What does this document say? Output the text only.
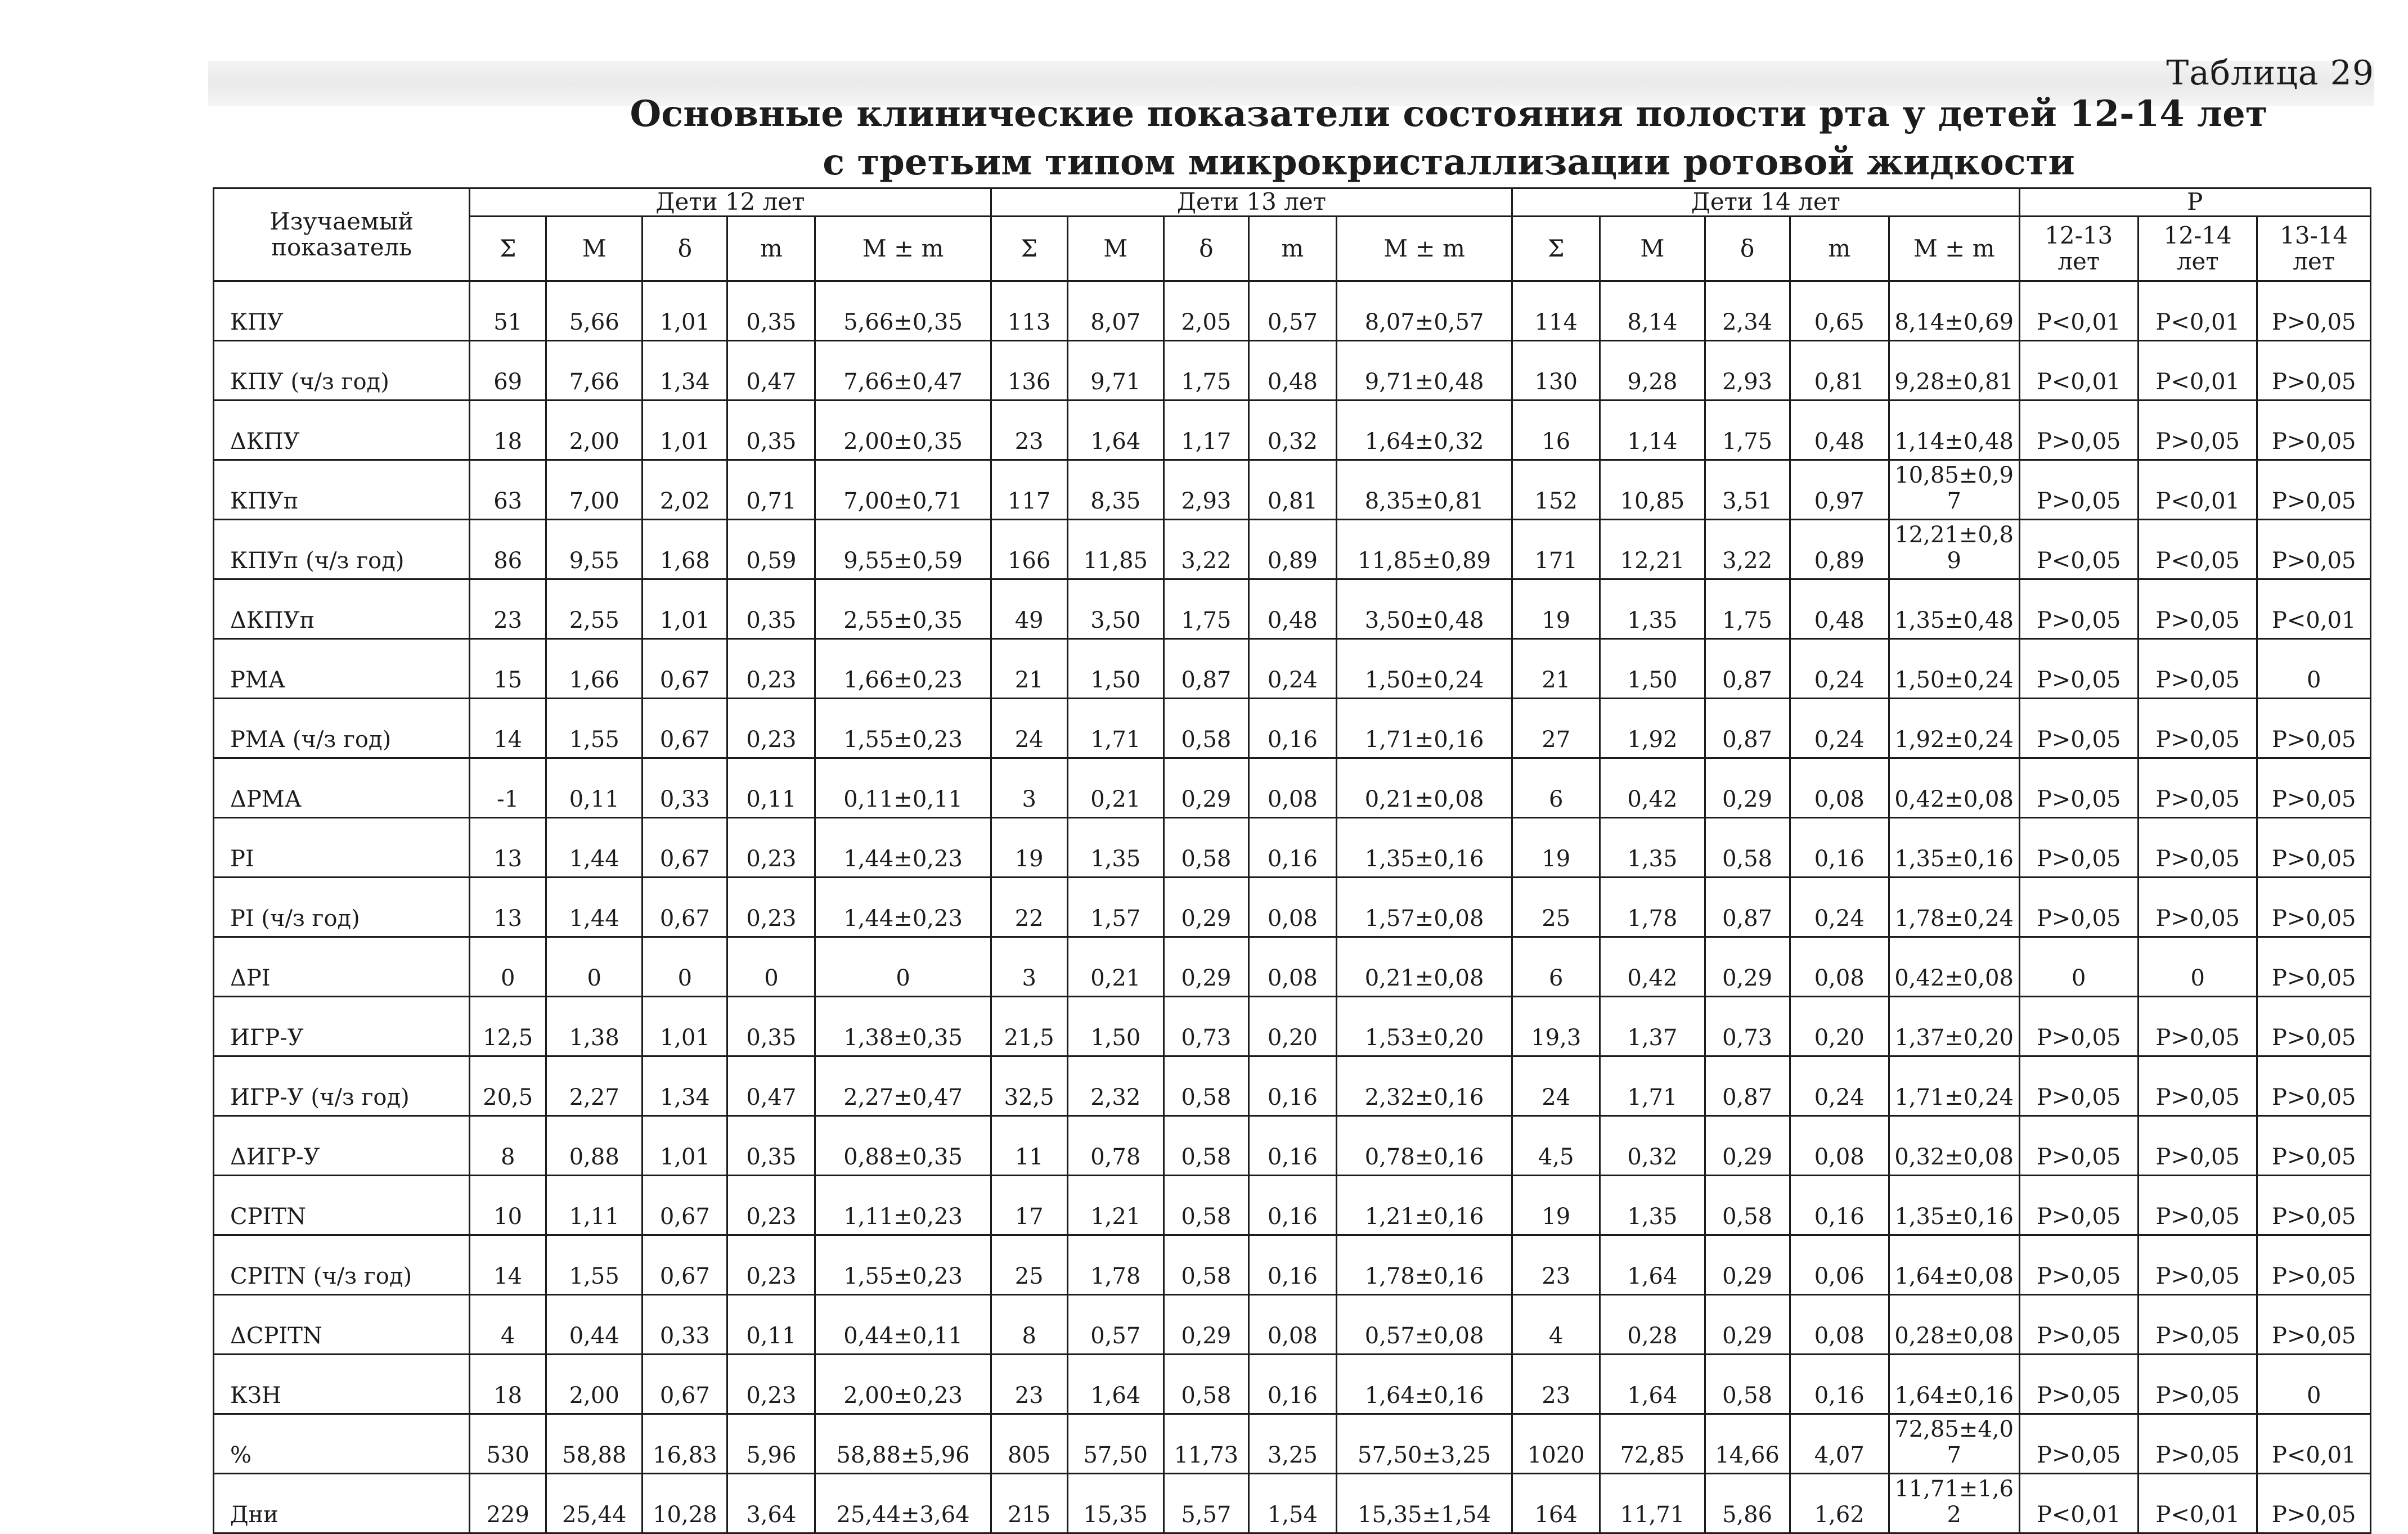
Таблица 29
Основные клинические показатели состояния полости рта у детей 12-14 лет
с третьим типом микрокристаллизации ротовой жидкости
Изучаемый показатель	Дети 12 лет					Дети 13 лет					Дети 14 лет					P		
	Σ	M	δ	m	M ± m	Σ	M	δ	m	M ± m	Σ	M	δ	m	M ± m	12-13 лет	12-14 лет	13-14 лет
КПУ	51	5,66	1,01	0,35	5,66±0,35	113	8,07	2,05	0,57	8,07±0,57	114	8,14	2,34	0,65	8,14±0,69	P<0,01	P<0,01	P>0,05
КПУ (ч/з год)	69	7,66	1,34	0,47	7,66±0,47	136	9,71	1,75	0,48	9,71±0,48	130	9,28	2,93	0,81	9,28±0,81	P<0,01	P<0,01	P>0,05
ΔКПУ	18	2,00	1,01	0,35	2,00±0,35	23	1,64	1,17	0,32	1,64±0,32	16	1,14	1,75	0,48	1,14±0,48	P>0,05	P>0,05	P>0,05
КПУп	63	7,00	2,02	0,71	7,00±0,71	117	8,35	2,93	0,81	8,35±0,81	152	10,85	3,51	0,97	10,85±0,97	P>0,05	P<0,01	P>0,05
КПУп (ч/з год)	86	9,55	1,68	0,59	9,55±0,59	166	11,85	3,22	0,89	11,85±0,89	171	12,21	3,22	0,89	12,21±0,89	P<0,05	P<0,05	P>0,05
ΔКПУп	23	2,55	1,01	0,35	2,55±0,35	49	3,50	1,75	0,48	3,50±0,48	19	1,35	1,75	0,48	1,35±0,48	P>0,05	P>0,05	P<0,01
РМА	15	1,66	0,67	0,23	1,66±0,23	21	1,50	0,87	0,24	1,50±0,24	21	1,50	0,87	0,24	1,50±0,24	P>0,05	P>0,05	0
РМА (ч/з год)	14	1,55	0,67	0,23	1,55±0,23	24	1,71	0,58	0,16	1,71±0,16	27	1,92	0,87	0,24	1,92±0,24	P>0,05	P>0,05	P>0,05
ΔРМА	-1	0,11	0,33	0,11	0,11±0,11	3	0,21	0,29	0,08	0,21±0,08	6	0,42	0,29	0,08	0,42±0,08	P>0,05	P>0,05	P>0,05
PI	13	1,44	0,67	0,23	1,44±0,23	19	1,35	0,58	0,16	1,35±0,16	19	1,35	0,58	0,16	1,35±0,16	P>0,05	P>0,05	P>0,05
PI (ч/з год)	13	1,44	0,67	0,23	1,44±0,23	22	1,57	0,29	0,08	1,57±0,08	25	1,78	0,87	0,24	1,78±0,24	P>0,05	P>0,05	P>0,05
ΔPI	0	0	0	0	0	3	0,21	0,29	0,08	0,21±0,08	6	0,42	0,29	0,08	0,42±0,08	0	0	P>0,05
ИГР-У	12,5	1,38	1,01	0,35	1,38±0,35	21,5	1,50	0,73	0,20	1,53±0,20	19,3	1,37	0,73	0,20	1,37±0,20	P>0,05	P>0,05	P>0,05
ИГР-У (ч/з год)	20,5	2,27	1,34	0,47	2,27±0,47	32,5	2,32	0,58	0,16	2,32±0,16	24	1,71	0,87	0,24	1,71±0,24	P>0,05	P>0,05	P>0,05
ΔИГР-У	8	0,88	1,01	0,35	0,88±0,35	11	0,78	0,58	0,16	0,78±0,16	4,5	0,32	0,29	0,08	0,32±0,08	P>0,05	P>0,05	P>0,05
CPITN	10	1,11	0,67	0,23	1,11±0,23	17	1,21	0,58	0,16	1,21±0,16	19	1,35	0,58	0,16	1,35±0,16	P>0,05	P>0,05	P>0,05
CPITN (ч/з год)	14	1,55	0,67	0,23	1,55±0,23	25	1,78	0,58	0,16	1,78±0,16	23	1,64	0,29	0,06	1,64±0,08	P>0,05	P>0,05	P>0,05
ΔCPITN	4	0,44	0,33	0,11	0,44±0,11	8	0,57	0,29	0,08	0,57±0,08	4	0,28	0,29	0,08	0,28±0,08	P>0,05	P>0,05	P>0,05
КЗН	18	2,00	0,67	0,23	2,00±0,23	23	1,64	0,58	0,16	1,64±0,16	23	1,64	0,58	0,16	1,64±0,16	P>0,05	P>0,05	0
%	530	58,88	16,83	5,96	58,88±5,96	805	57,50	11,73	3,25	57,50±3,25	1020	72,85	14,66	4,07	72,85±4,07	P>0,05	P>0,05	P<0,01
Дни	229	25,44	10,28	3,64	25,44±3,64	215	15,35	5,57	1,54	15,35±1,54	164	11,71	5,86	1,62	11,71±1,62	P<0,01	P<0,01	P>0,05
